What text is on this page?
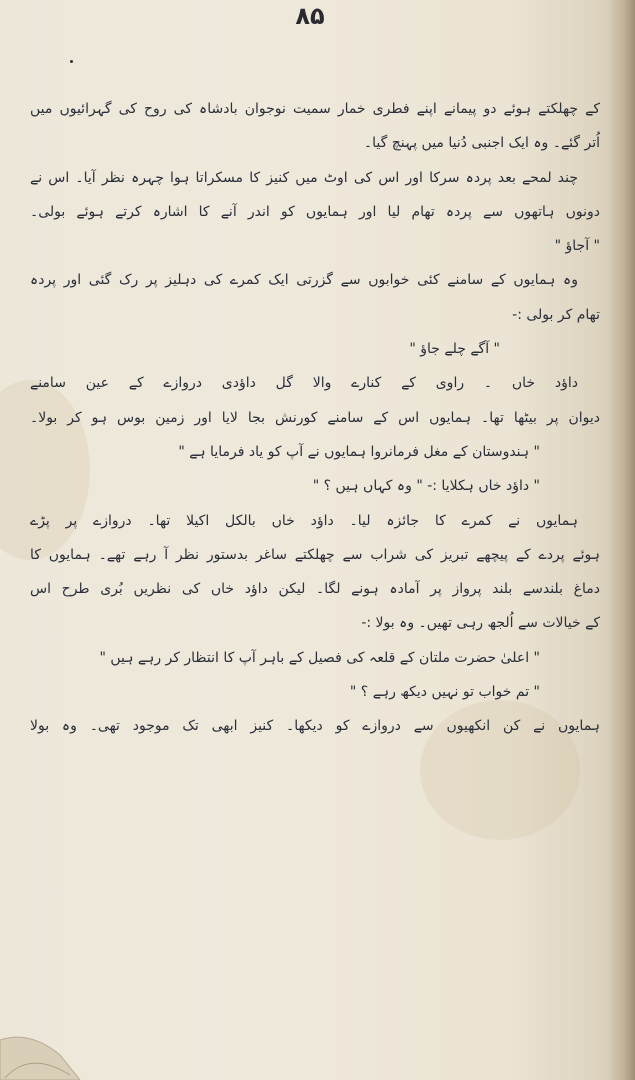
۸۵
کے چھلکتے ہوئے دو پیمانے اپنے فطری خمار سمیت نوجوان بادشاہ کی روح کی گہرائیوں میں
اُتر گئے۔ وہ ایک اجنبی دُنیا میں پہنچ گیا۔
چند لمحے بعد پردہ سرکا اور اس کی اوٹ میں کنیز کا مسکراتا ہوا چہرہ نظر آیا۔ اس نے
دونوں ہاتھوں سے پردہ تھام لیا اور ہمایوں کو اندر آنے کا اشارہ کرتے ہوئے بولی۔
" آجاؤ "
وہ ہمایوں کے سامنے کئی خوابوں سے گزرتی ایک کمرے کی دہلیز پر رک گئی اور پردہ
تھام کر بولی :-
" آگے چلے جاؤ "
داؤد خاں ۔ راوی کے کنارے والا گل داؤدی دروازے کے عین سامنے
دیوان پر بیٹھا تھا۔ ہمایوں اس کے سامنے کورنش بجا لایا اور زمین بوس ہو کر بولا۔
" ہندوستان کے مغل فرمانروا ہمایوں نے آپ کو یاد فرمایا ہے "
" داؤد خاں ہکلایا :- " وہ کہاں ہیں ؟ "
ہمایوں نے کمرے کا جائزہ لیا۔ داؤد خاں بالکل اکیلا تھا۔ دروازے پر پڑے
ہوئے پردے کے پیچھے تبریز کی شراب سے چھلکتے ساغر بدستور نظر آ رہے تھے۔ ہمایوں کا
دماغ بلندسے بلند پرواز پر آمادہ ہونے لگا۔ لیکن داؤد خاں کی نظریں بُری طرح اس
کے خیالات سے اُلجھ رہی تھیں۔ وہ بولا :-
" اعلیٰ حضرت ملتان کے قلعہ کی فصیل کے باہر آپ کا انتظار کر رہے ہیں "
" تم خواب تو نہیں دیکھ رہے ؟ "
ہمایوں نے کن انکھیوں سے دروازے کو دیکھا۔ کنیز ابھی تک موجود تھی۔ وہ بولا
